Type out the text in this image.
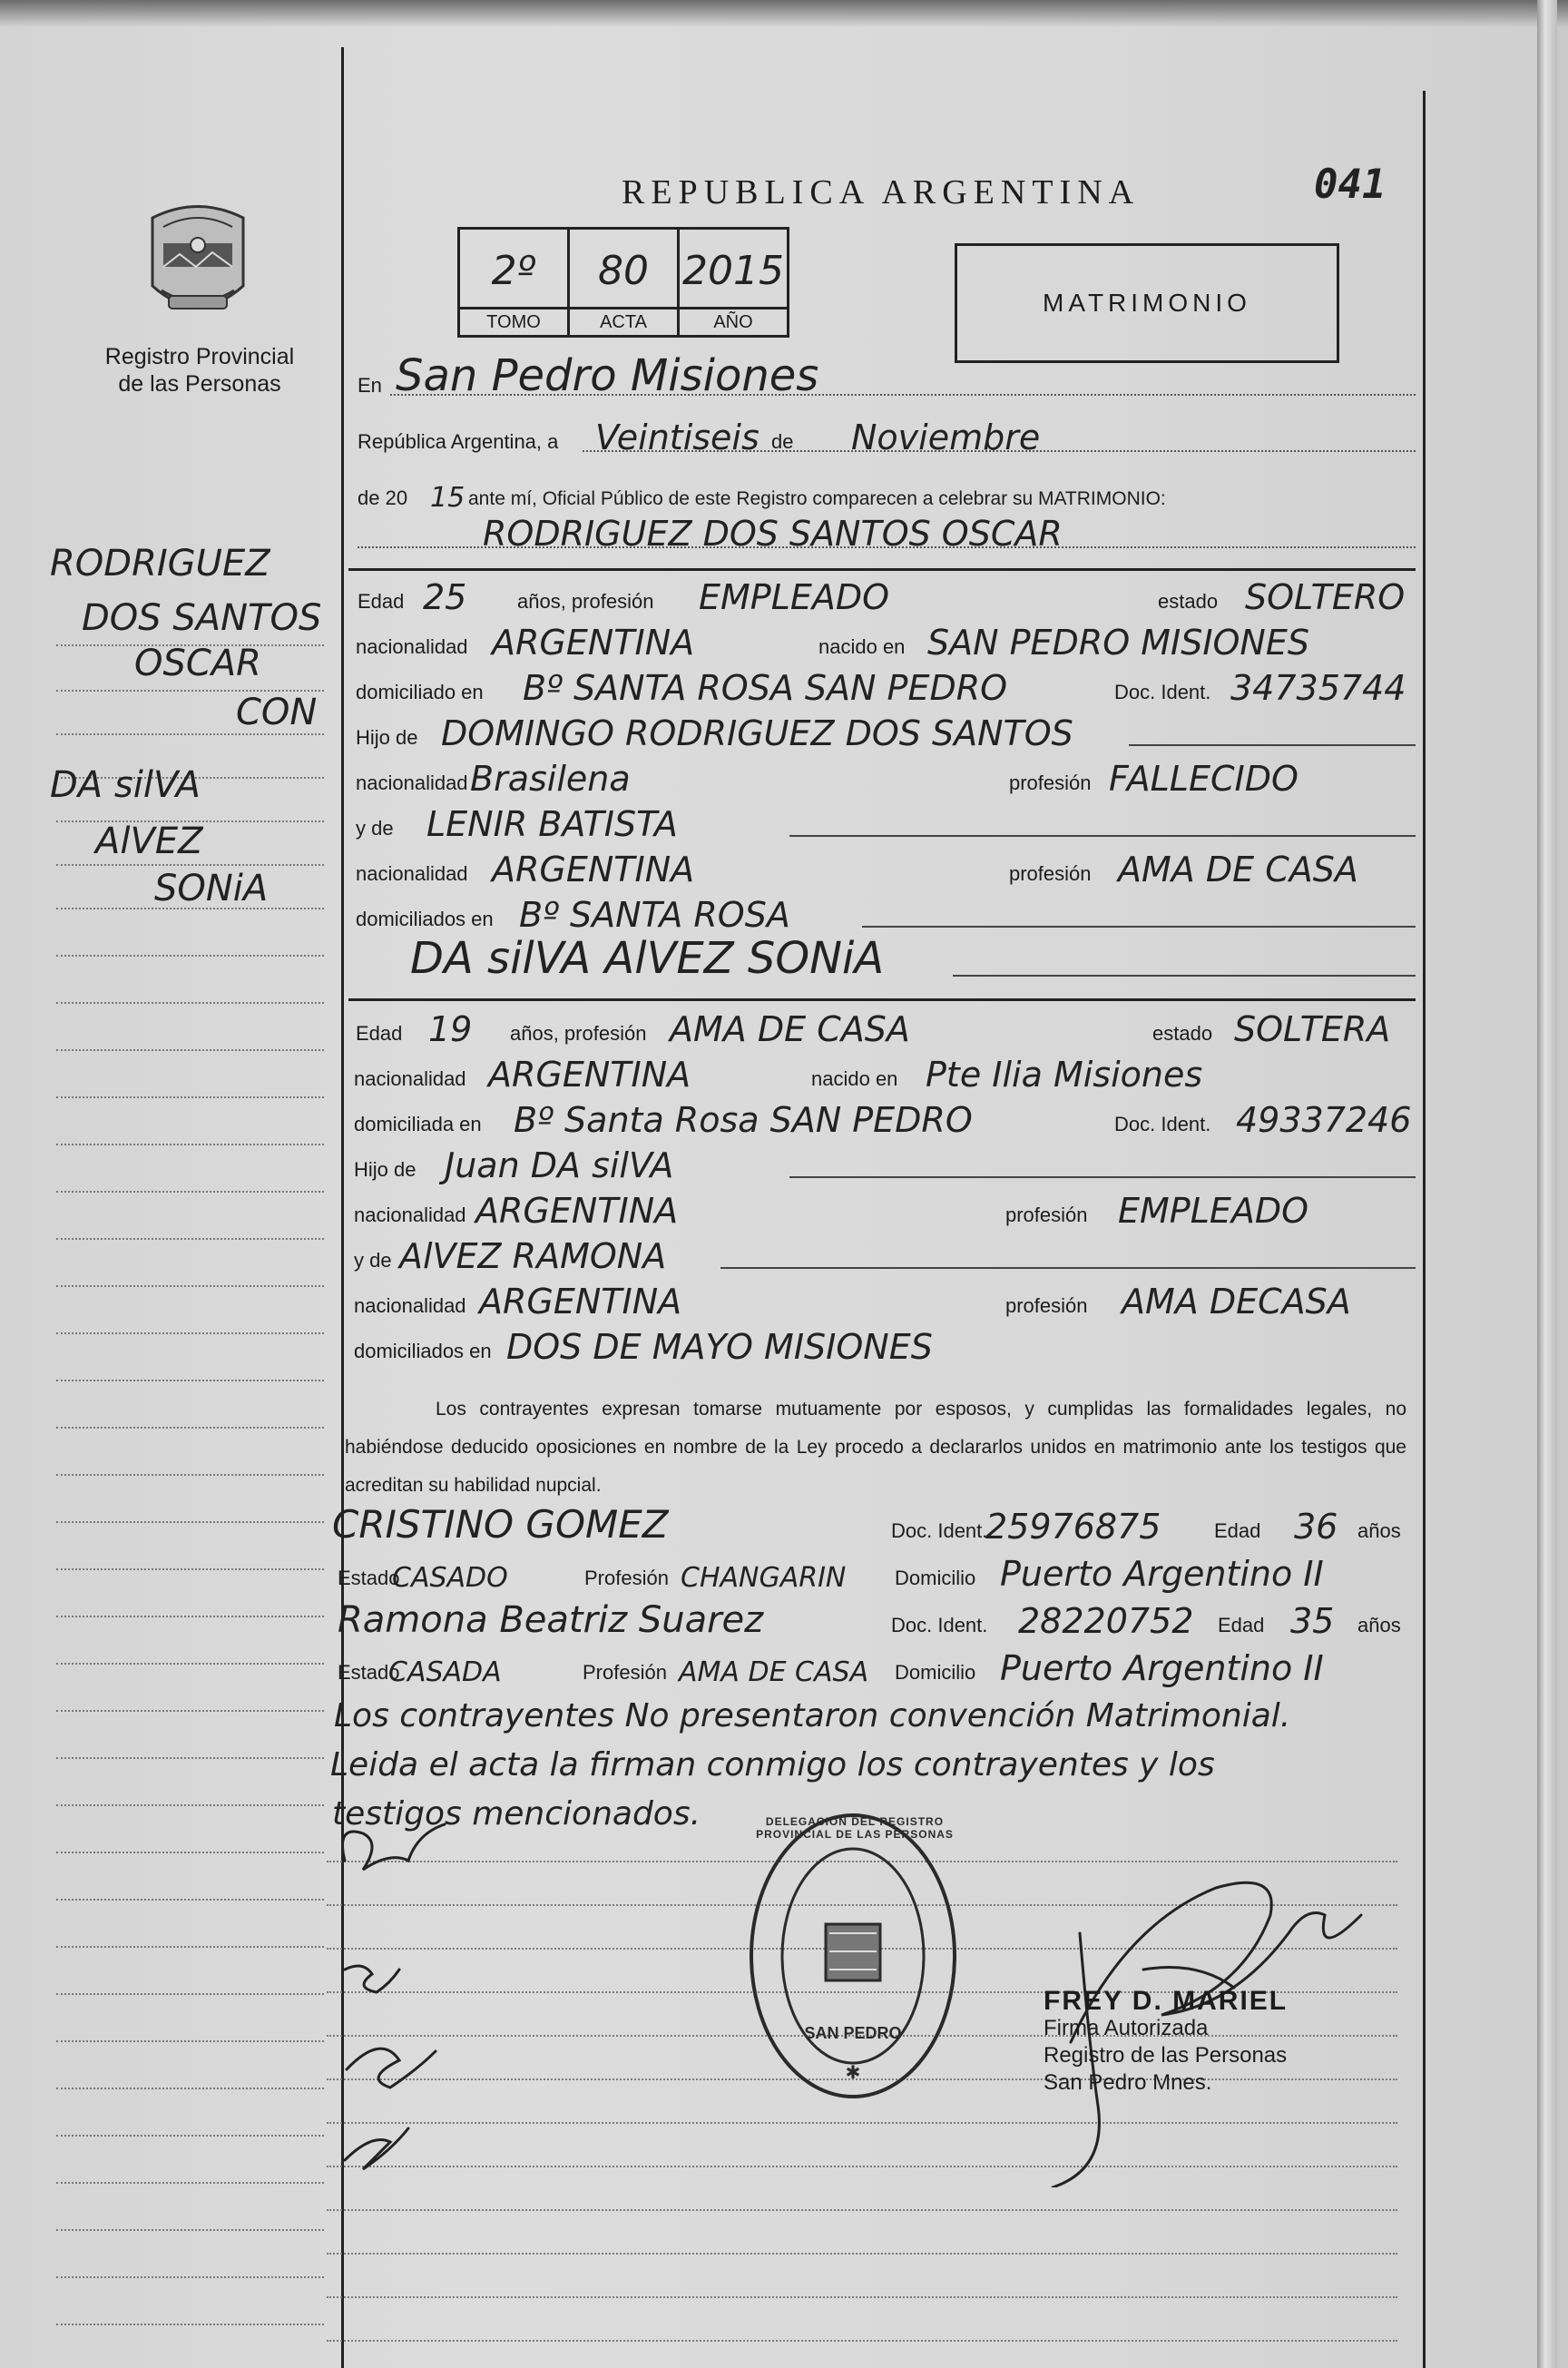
Registro Provincial de las Personas
RODRIGUEZ
DOS SANTOS
OSCAR
CON
DA silVA
AlVEZ
SONiA
REPUBLICA ARGENTINA	041
2º
TOMO
80
ACTA
2015
AÑO
MATRIMONIO
En San Pedro Misiones
República Argentina, a Veintiseis de Noviembre
de 20 15 ante mí, Oficial Público de este Registro comparecen a celebrar su MATRIMONIO:
RODRIGUEZ DOS SANTOS OSCAR
Edad 25	años, profesión EMPLEADO	estado SOLTERO
nacionalidad ARGENTINA	nacido en SAN PEDRO MISIONES
domiciliado en Bº SANTA ROSA SAN PEDRO	Doc. Ident. 34735744
Hijo de DOMINGO RODRIGUEZ DOS SANTOS
nacionalidad Brasilena	profesión FALLECIDO
y de LENIR BATISTA
nacionalidad ARGENTINA	profesión AMA DE CASA
domiciliados en Bº SANTA ROSA
DA silVA AlVEZ SONiA
Edad 19 años, profesión AMA DE CASA	estado SOLTERA
nacionalidad ARGENTINA	nacido en Pte Ilia Misiones
domiciliada en Bº Santa Rosa SAN PEDRO	Doc. Ident. 49337246
Hijo de Juan DA silVA
nacionalidad ARGENTINA	profesión EMPLEADO
y de AlVEZ RAMONA
nacionalidad ARGENTINA	profesión AMA DECASA
domiciliados en DOS DE MAYO MISIONES
Los contrayentes expresan tomarse mutuamente por esposos, y cumplidas las formalidades legales, no habiéndose deducido oposiciones en nombre de la Ley procedo a declararlos unidos en matrimonio ante los testigos que acreditan su habilidad nupcial.
CRISTINO GOMEZ	Doc. Ident.
25976875	Edad 36 años
Estado
CASADO	Profesión CHANGARIN Domicilio Puerto Argentino II
Ramona Beatriz Suarez	Doc. Ident. 28220752 Edad 35 años
Estado
CASADA	Profesión AMA DE CASA Domicilio Puerto Argentino II
Los contrayentes No presentaron convención Matrimonial.
Leida el acta la firman conmigo los contrayentes y los
testigos mencionados.
✱
DELEGACION DEL REGISTRO PROVINCIAL DE LAS PERSONAS
SAN PEDRO
FREY D. MARIEL
Firma Autorizada
Registro de las Personas
San Pedro Mnes.
